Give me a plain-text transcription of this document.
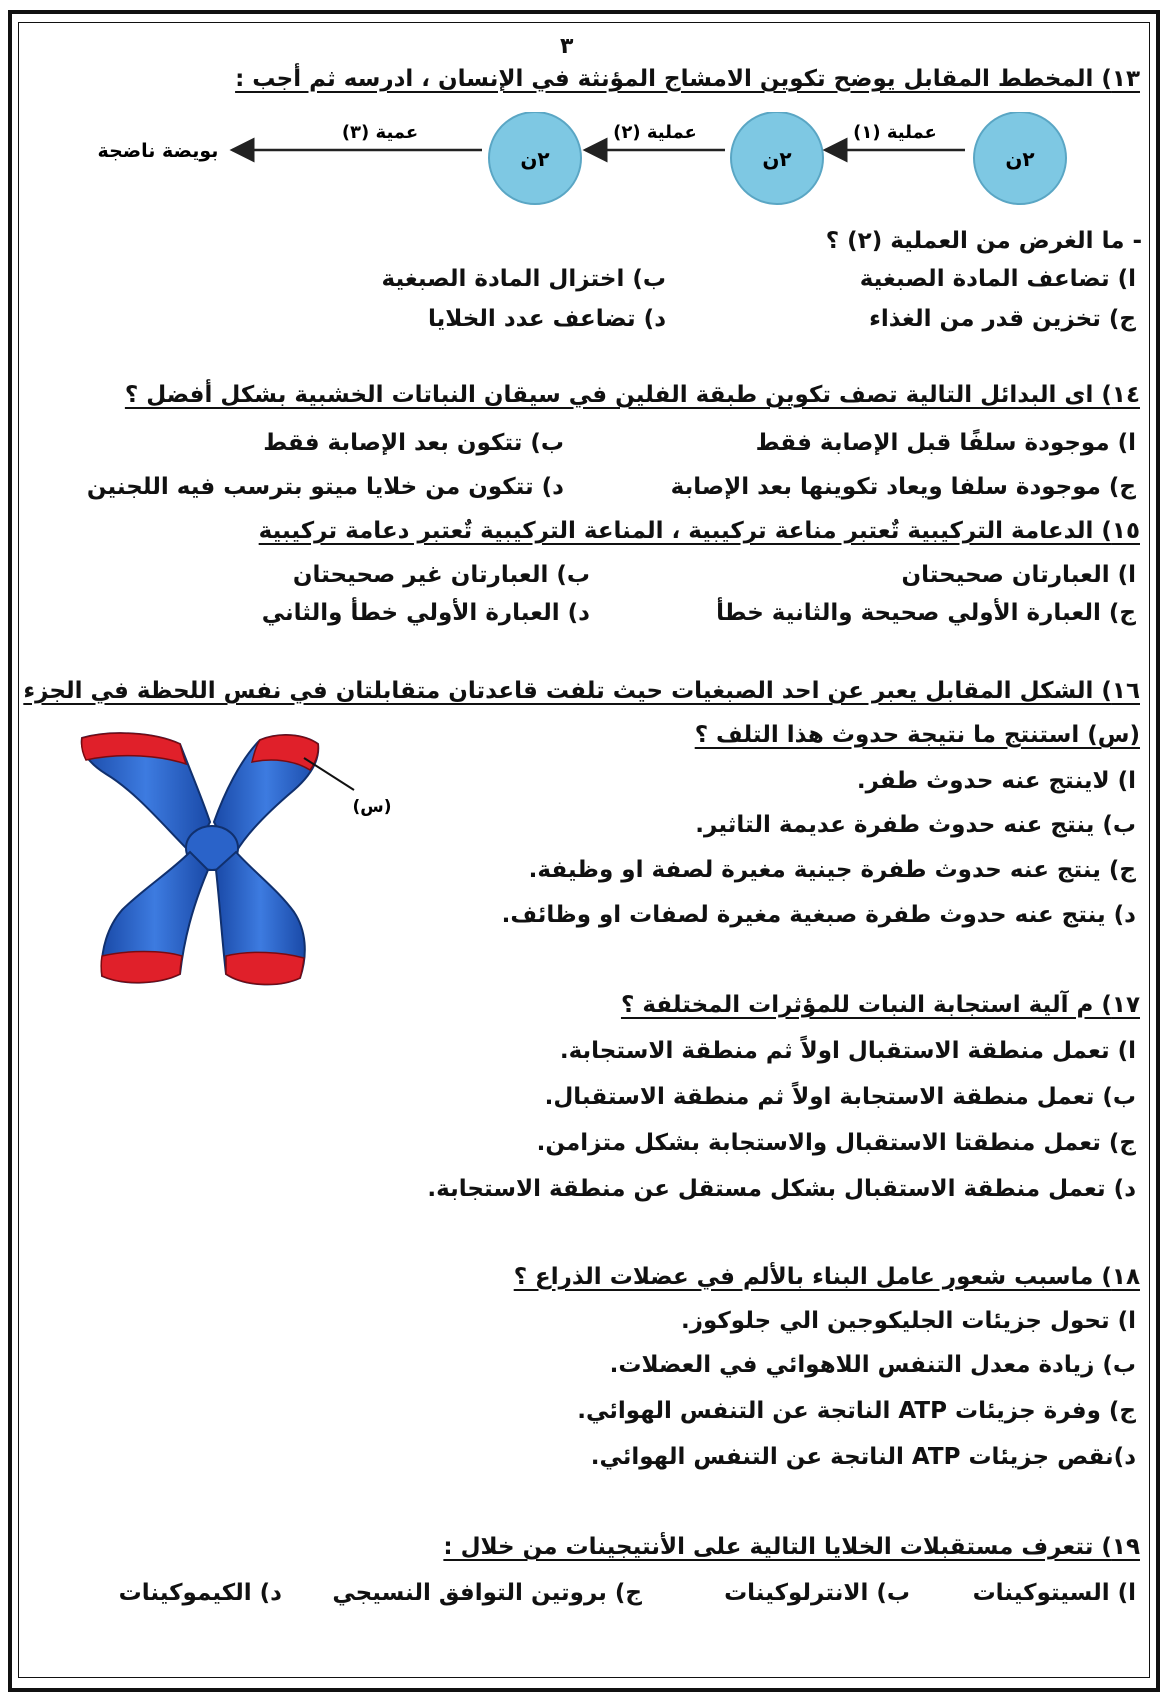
٣
١٣) المخطط المقابل يوضح تكوين الامشاج المؤنثة في الإنسان ، ادرسه ثم أجب :
٢ن
٢ن
٢ن
عملية (١)
عملية (٢)
عمية (٣)
بويضة ناضجة
- ما الغرض من العملية (٢) ؟
ا) تضاعف المادة الصبغية
ب) اختزال المادة الصبغية
ج) تخزين قدر من الغذاء
د) تضاعف عدد الخلايا
١٤) اى البدائل التالية تصف تكوين طبقة الفلين في سيقان النباتات الخشبية بشكل أفضل ؟
ا) موجودة سلفًا قبل الإصابة فقط
ب) تتكون بعد الإصابة فقط
ج) موجودة سلفا ويعاد تكوينها بعد الإصابة
د) تتكون من خلايا ميتو بترسب فيه اللجنين
١٥) الدعامة التركيبية تٌعتبر مناعة تركيبية ، المناعة التركيبية تٌعتبر دعامة تركيبية
ا) العبارتان صحيحتان
ب) العبارتان غير صحيحتان
ج) العبارة الأولي صحيحة والثانية خطأ
د) العبارة الأولي خطأ والثاني
١٦) الشكل المقابل يعبر عن احد الصبغيات حيث تلفت قاعدتان متقابلتان في نفس اللحظة في الجزء
(س) استنتج ما نتيجة حدوث هذا التلف ؟
ا) لاينتج عنه حدوث طفر.
ب) ينتج عنه حدوث طفرة عديمة التاثير.
ج) ينتج عنه حدوث طفرة جينية مغيرة لصفة او وظيفة.
د) ينتج عنه حدوث طفرة صبغية مغيرة لصفات او وظائف.
(س)
١٧) م آلية استجابة النبات للمؤثرات المختلفة ؟
ا) تعمل منطقة الاستقبال اولاً ثم منطقة الاستجابة.
ب) تعمل منطقة الاستجابة اولاً ثم منطقة الاستقبال.
ج) تعمل منطقتا الاستقبال والاستجابة بشكل متزامن.
د) تعمل منطقة الاستقبال بشكل مستقل عن منطقة الاستجابة.
١٨) ماسبب شعور عامل البناء بالألم في عضلات الذراع ؟
ا) تحول جزيئات الجليكوجين الي جلوكوز.
ب) زيادة معدل التنفس اللاهوائي في العضلات.
ج) وفرة جزيئات ATP الناتجة عن التنفس الهوائي.
د)نقص جزيئات ATP الناتجة عن التنفس الهوائي.
١٩) تتعرف مستقبلات الخلايا التالية على الأنتيجينات من خلال :
ا) السيتوكينات
ب) الانترلوكينات
ج) بروتين التوافق النسيجي
د) الكيموكينات
